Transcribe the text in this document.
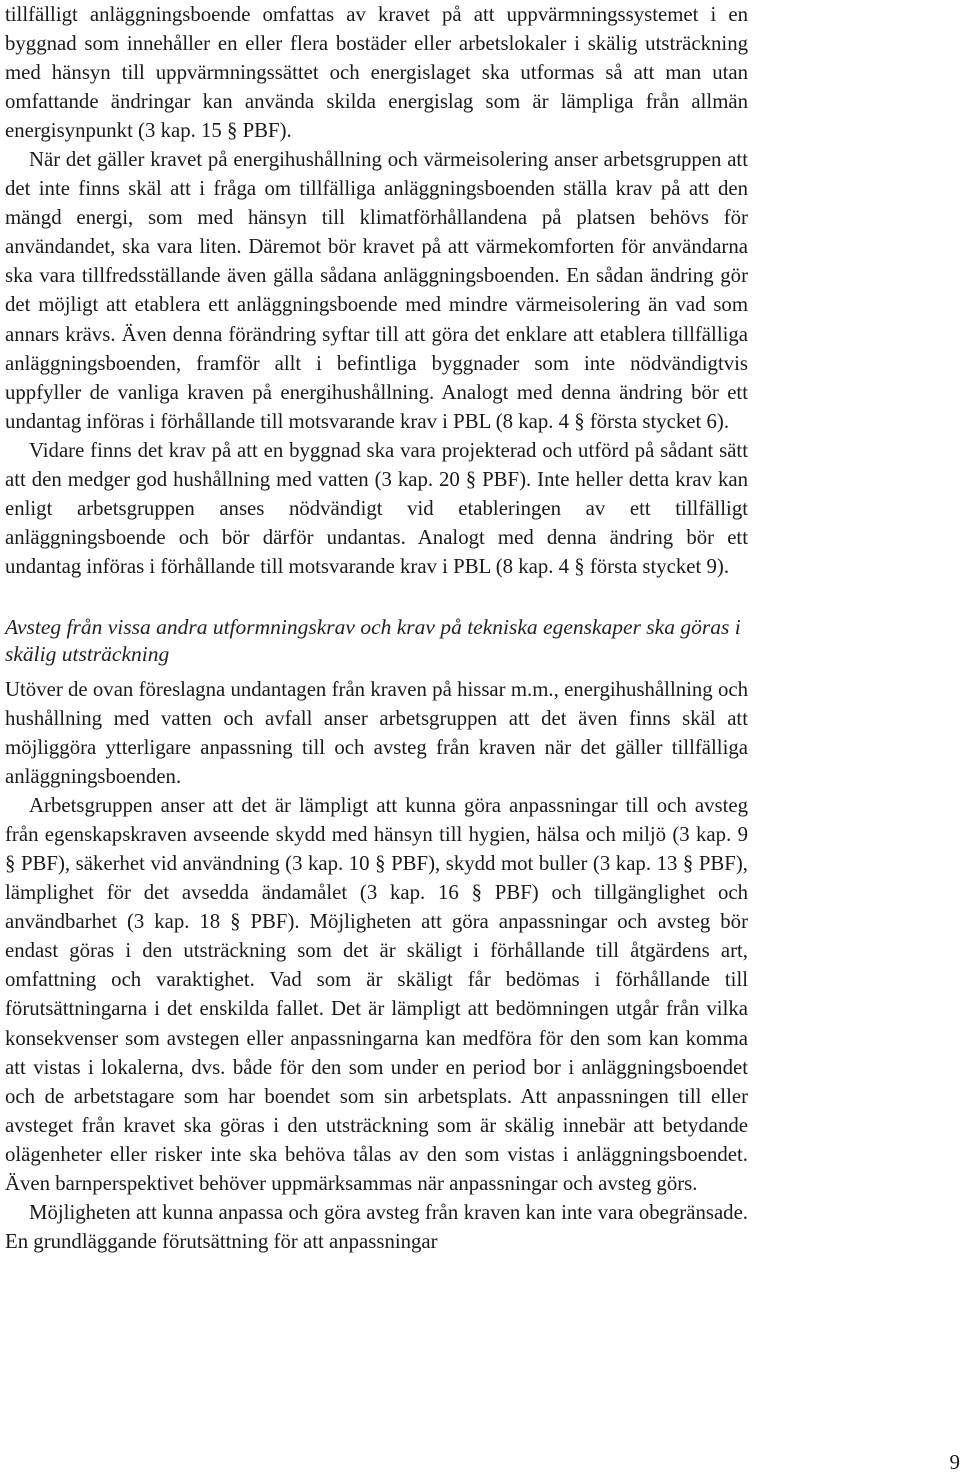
tillfälligt anläggningsboende omfattas av kravet på att uppvärmningssystemet i en byggnad som innehåller en eller flera bostäder eller arbetslokaler i skälig utsträckning med hänsyn till uppvärmningssättet och energislaget ska utformas så att man utan omfattande ändringar kan använda skilda energislag som är lämpliga från allmän energisynpunkt (3 kap. 15 § PBF).

När det gäller kravet på energihushållning och värmeisolering anser arbetsgruppen att det inte finns skäl att i fråga om tillfälliga anläggningsboenden ställa krav på att den mängd energi, som med hänsyn till klimatförhållandena på platsen behövs för användandet, ska vara liten. Däremot bör kravet på att värmekomforten för användarna ska vara tillfredsställande även gälla sådana anläggningsboenden. En sådan ändring gör det möjligt att etablera ett anläggningsboende med mindre värmeisolering än vad som annars krävs. Även denna förändring syftar till att göra det enklare att etablera tillfälliga anläggningsboenden, framför allt i befintliga byggnader som inte nödvändigtvis uppfyller de vanliga kraven på energihushållning. Analogt med denna ändring bör ett undantag införas i förhållande till motsvarande krav i PBL (8 kap. 4 § första stycket 6).

Vidare finns det krav på att en byggnad ska vara projekterad och utförd på sådant sätt att den medger god hushållning med vatten (3 kap. 20 § PBF). Inte heller detta krav kan enligt arbetsgruppen anses nödvändigt vid etableringen av ett tillfälligt anläggningsboende och bör därför undantas. Analogt med denna ändring bör ett undantag införas i förhållande till motsvarande krav i PBL (8 kap. 4 § första stycket 9).

Avsteg från vissa andra utformningskrav och krav på tekniska egenskaper ska göras i skälig utsträckning

Utöver de ovan föreslagna undantagen från kraven på hissar m.m., energihushållning och hushållning med vatten och avfall anser arbetsgruppen att det även finns skäl att möjliggöra ytterligare anpassning till och avsteg från kraven när det gäller tillfälliga anläggningsboenden.

Arbetsgruppen anser att det är lämpligt att kunna göra anpassningar till och avsteg från egenskapskraven avseende skydd med hänsyn till hygien, hälsa och miljö (3 kap. 9 § PBF), säkerhet vid användning (3 kap. 10 § PBF), skydd mot buller (3 kap. 13 § PBF), lämplighet för det avsedda ändamålet (3 kap. 16 § PBF) och tillgänglighet och användbarhet (3 kap. 18 § PBF). Möjligheten att göra anpassningar och avsteg bör endast göras i den utsträckning som det är skäligt i förhållande till åtgärdens art, omfattning och varaktighet. Vad som är skäligt får bedömas i förhållande till förutsättningarna i det enskilda fallet. Det är lämpligt att bedömningen utgår från vilka konsekvenser som avstegen eller anpassningarna kan medföra för den som kan komma att vistas i lokalerna, dvs. både för den som under en period bor i anläggningsboendet och de arbetstagare som har boendet som sin arbetsplats. Att anpassningen till eller avsteget från kravet ska göras i den utsträckning som är skälig innebär att betydande olägenheter eller risker inte ska behöva tålas av den som vistas i anläggningsboendet. Även barnperspektivet behöver uppmärksammas när anpassningar och avsteg görs.

Möjligheten att kunna anpassa och göra avsteg från kraven kan inte vara obegränsade. En grundläggande förutsättning för att anpassningar

9
